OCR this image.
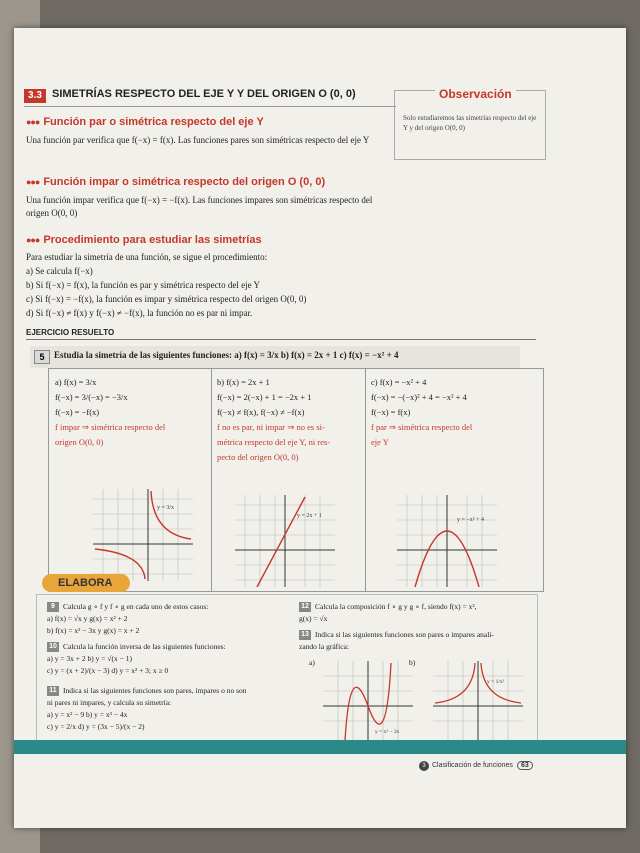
3.3 SIMETRÍAS RESPECTO DEL EJE Y Y DEL ORIGEN O (0, 0)	Observación
Solo estudiaremos las simetrías respecto del eje Y y del origen O(0, 0)
●●● Función par o simétrica respecto del eje Y
Una función par verifica que f(−x) = f(x). Las funciones pares son simétricas respecto del eje Y
●●● Función impar o simétrica respecto del origen O (0, 0)
Una función impar verifica que f(−x) = −f(x). Las funciones impares son simétricas respecto del origen O(0, 0)
●●● Procedimiento para estudiar las simetrías
Para estudiar la simetría de una función, se sigue el procedimiento:
a) Se calcula f(−x)
b) Si f(−x) = f(x), la función es par y simétrica respecto del eje Y
c) Si f(−x) = −f(x), la función es impar y simétrica respecto del origen O(0, 0)
d) Si f(−x) ≠ f(x) y f(−x) ≠ −f(x), la función no es par ni impar.
EJERCICIO RESUELTO
5	Estudia la simetría de las siguientes funciones: a) f(x) = 3/x b) f(x) = 2x + 1 c) f(x) = −x² + 4
a) f(x) = 3/x
f(−x) = 3/(−x) = −3/x
f(−x) = −f(x)
f impar ⇒ simétrica respecto del
origen O(0, 0)
y = 3/x
b) f(x) = 2x + 1
f(−x) = 2(−x) + 1 = −2x + 1
f(−x) ≠ f(x), f(−x) ≠ −f(x)
f no es par, ni impar ⇒ no es si-
métrica respecto del eje Y, ni res-
pecto del origen O(0, 0)
y = 2x + 1
c) f(x) = −x² + 4
f(−x) = −(−x)² + 4 = −x² + 4
f(−x) = f(x)
f par ⇒ simétrica respecto del
eje Y
y = −x² + 4
ELABORA
9 Calcula g ∘ f y f ∘ g en cada uno de estos casos:
a) f(x) = √x y g(x) = x² + 2
b) f(x) = x² − 3x y g(x) = x + 2
10 Calcula la función inversa de las siguientes funciones:
a) y = 3x + 2 b) y = √(x − 1)
c) y = (x + 2)/(x − 3) d) y = x² + 3; x ≥ 0
11 Indica si las siguientes funciones son pares, impares o no son
ni pares ni impares, y calcula su simetría:
a) y = x² − 9 b) y = x³ − 4x
c) y = 2/x d) y = (3x − 5)/(x − 2)
12 Calcula la composición f ∘ g y g ∘ f, siendo f(x) = x²,
g(x) = √x
13 Indica si las siguientes funciones son pares o impares anali-
zando la gráfica:
a)	b)
y = x³ − 3x
y = 1/x²
3 Clasificación de funciones 63
